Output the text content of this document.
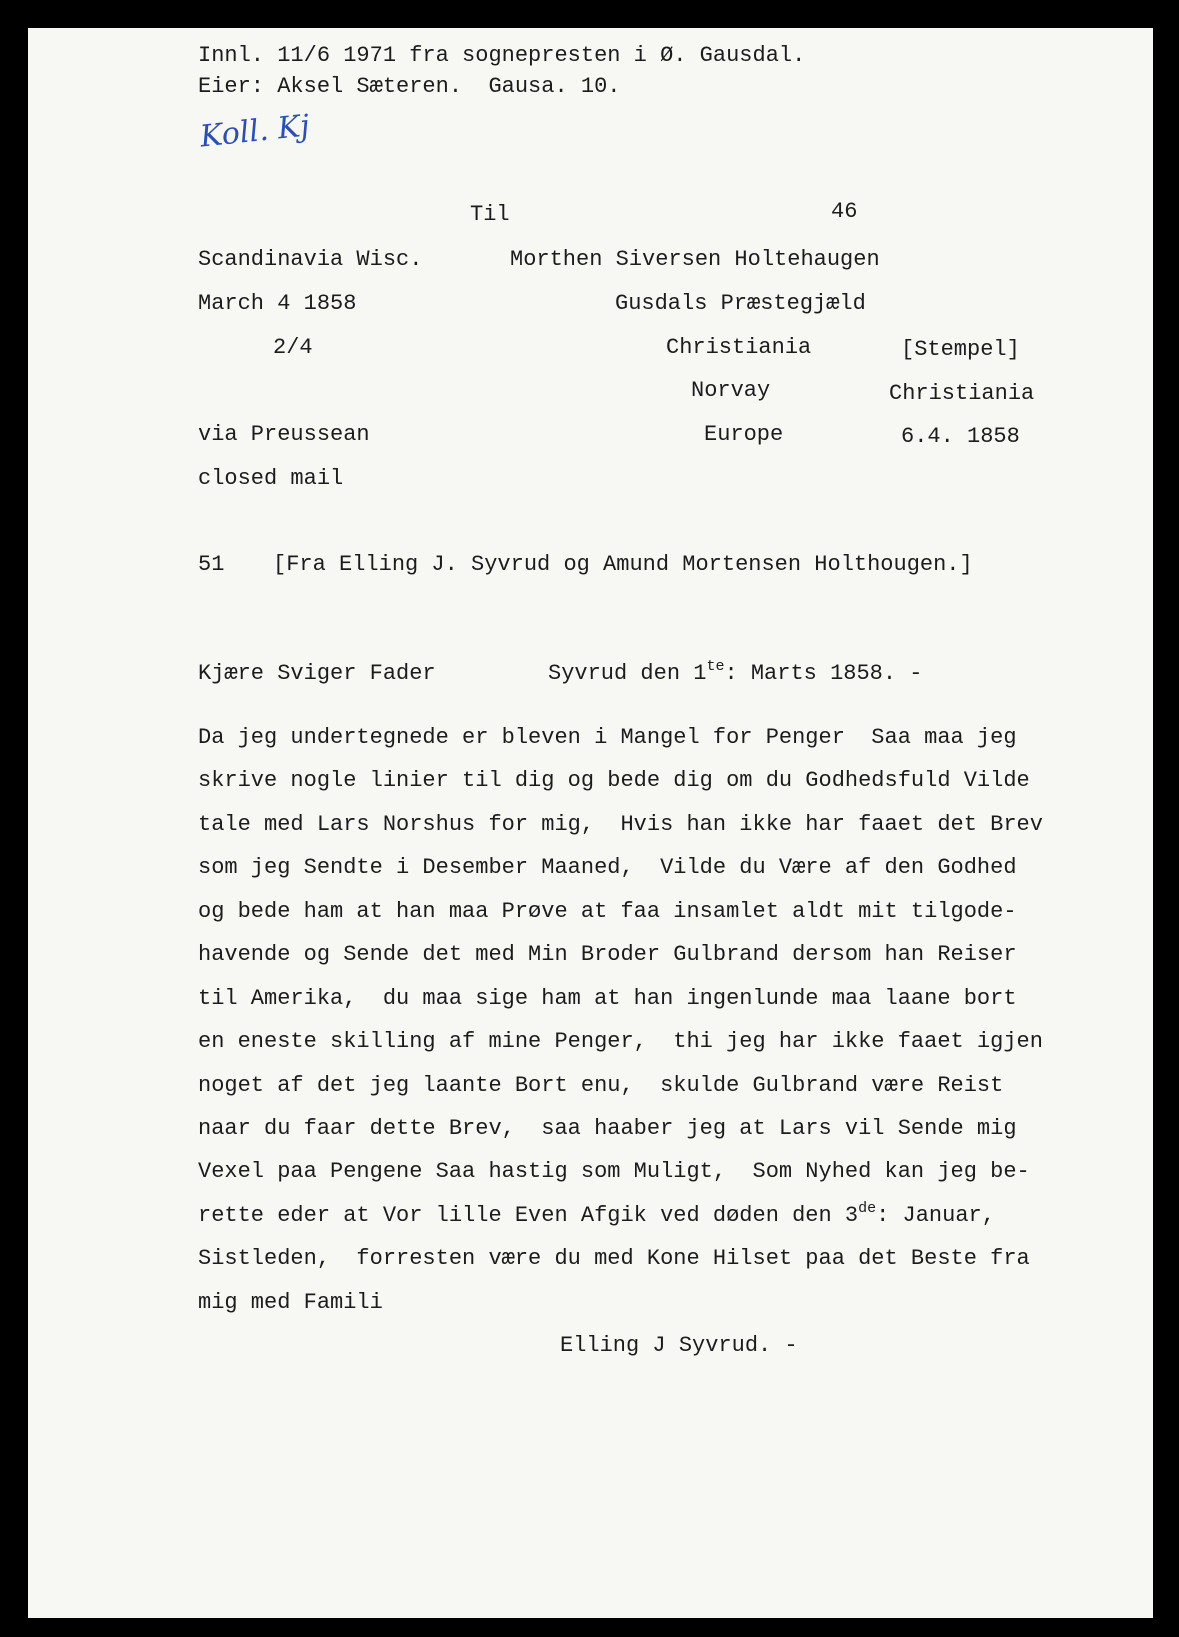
Innl. 11/6 1971 fra sognepresten i Ø. Gausdal.
Eier: Aksel Sæteren.  Gausa. 10.
Koll. Kj
Til	46
Scandinavia Wisc.	Morthen Siversen Holtehaugen
March 4 1858	Gusdals Præstegjæld
2/4	Christiania	[Stempel]
Norvay	Christiania
via Preussean	Europe	6.4. 1858
closed mail
51 [Fra Elling J. Syvrud og Amund Mortensen Holthougen.]
Kjære Sviger Fader	Syvrud den $1^{te}$: Marts 1858. -
Da jeg undertegnede er bleven i Mangel for Penger  Saa maa jeg
skrive nogle linier til dig og bede dig om du Godhedsfuld Vilde
tale med Lars Norshus for mig,  Hvis han ikke har faaet det Brev
som jeg Sendte i Desember Maaned,  Vilde du Være af den Godhed
og bede ham at han maa Prøve at faa insamlet aldt mit tilgode-
havende og Sende det med Min Broder Gulbrand dersom han Reiser
til Amerika,  du maa sige ham at han ingenlunde maa laane bort
en eneste skilling af mine Penger,  thi jeg har ikke faaet igjen
noget af det jeg laante Bort enu,  skulde Gulbrand være Reist
naar du faar dette Brev,  saa haaber jeg at Lars vil Sende mig
Vexel paa Pengene Saa hastig som Muligt,  Som Nyhed kan jeg be-
rette eder at Vor lille Even Afgik ved døden den 3de: Januar,
Sistleden,  forresten være du med Kone Hilset paa det Beste fra
mig med Famili
Elling J Syvrud. -
